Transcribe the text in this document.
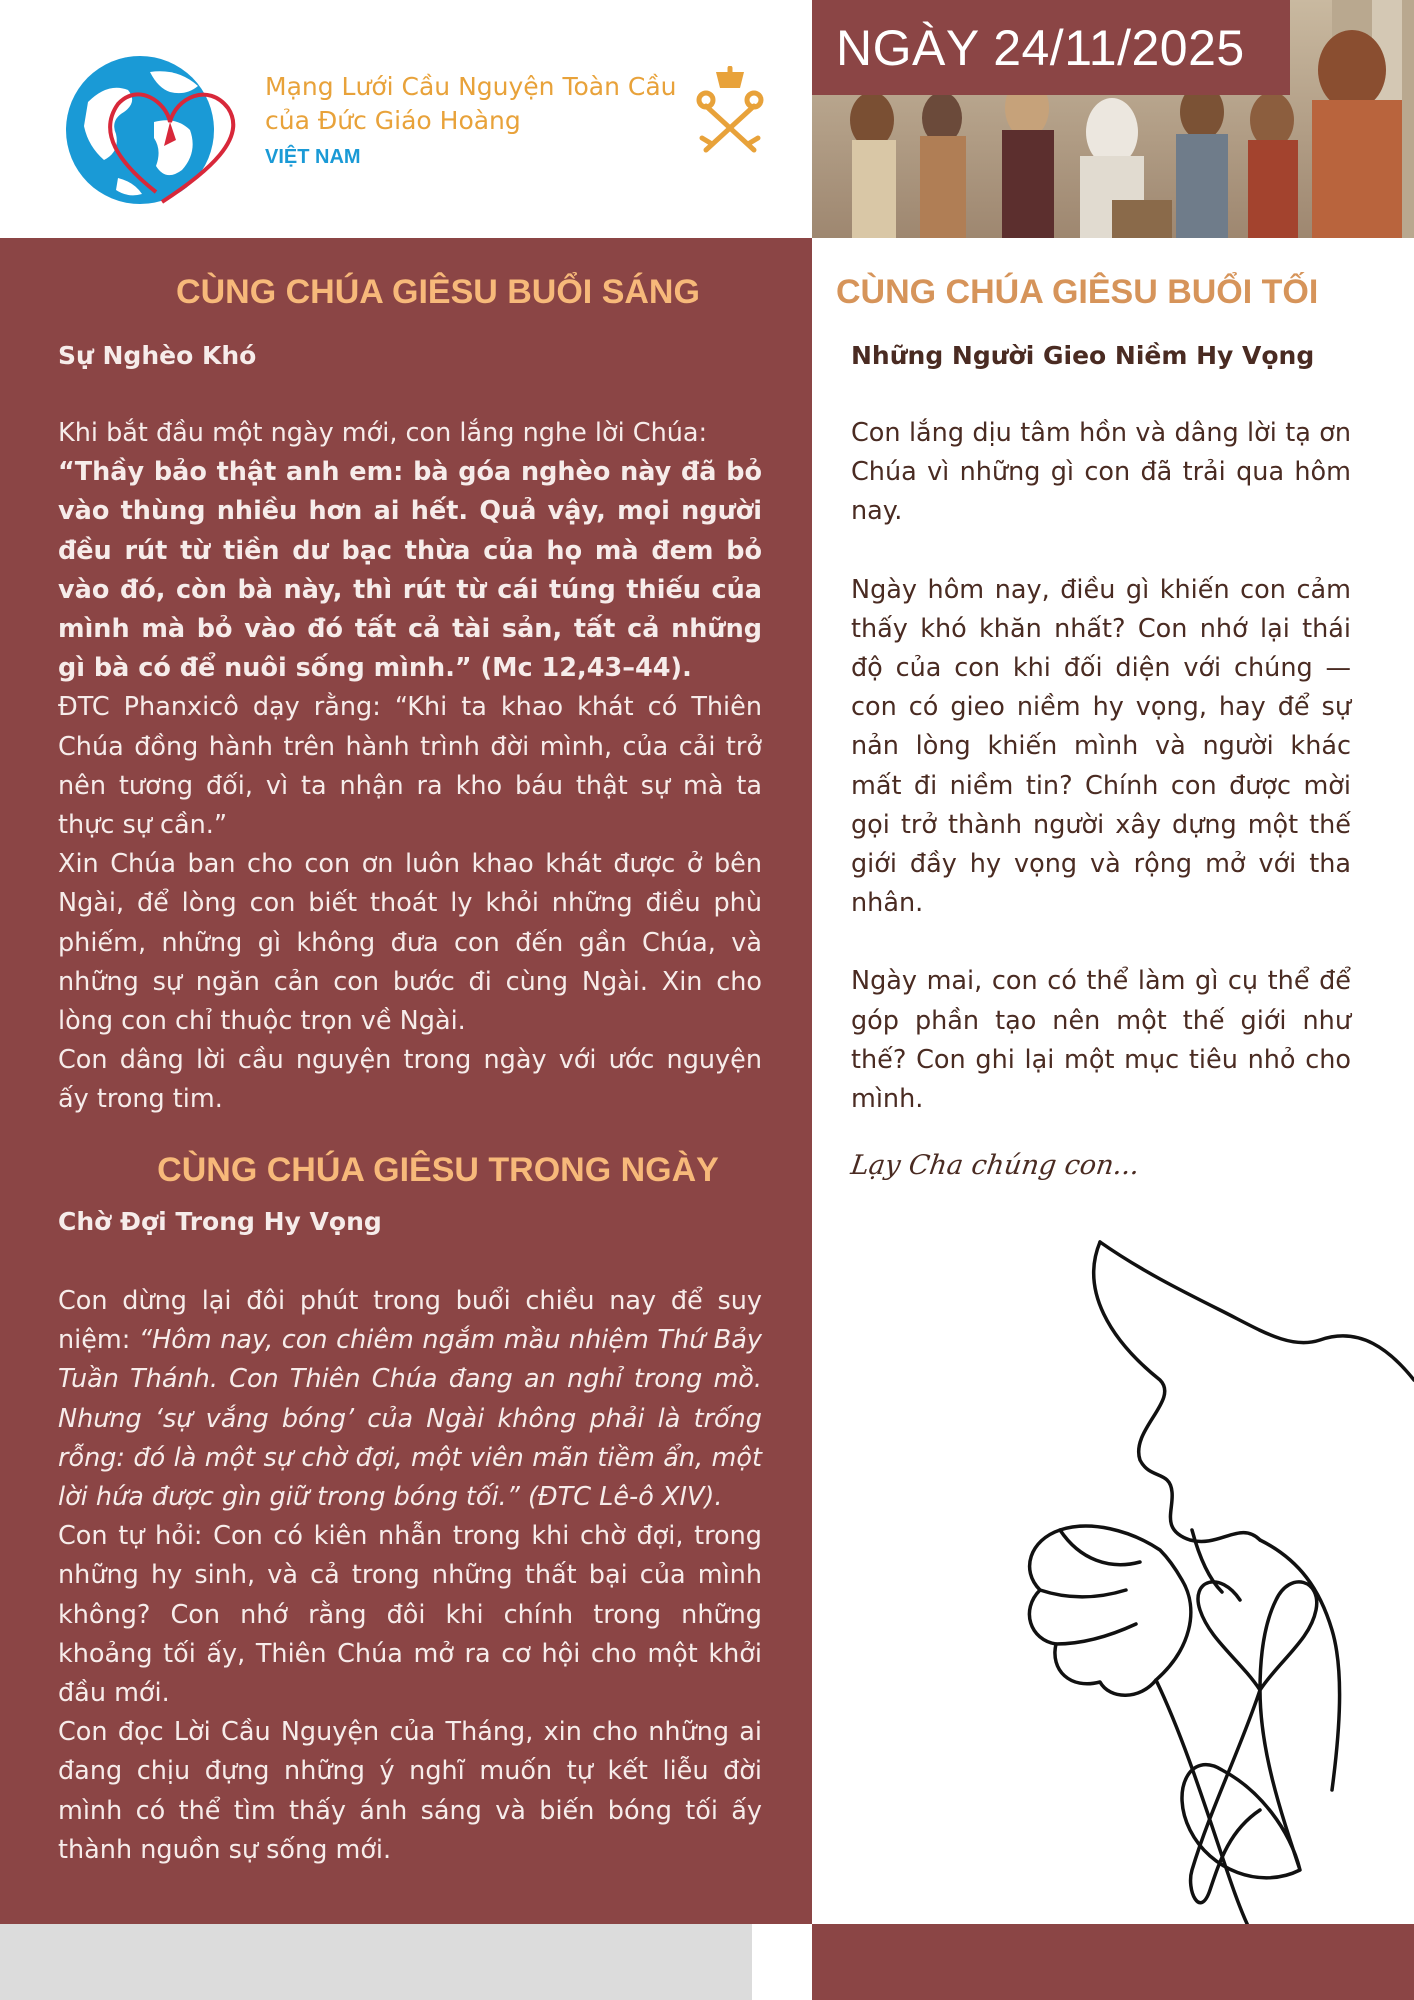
Mạng Lưới Cầu Nguyện Toàn Cầu
của Đức Giáo Hoàng
VIỆT NAM
NGÀY 24/11/2025
CÙNG CHÚA GIÊSU BUỔI SÁNG
Sự Nghèo Khó

Khi bắt đầu một ngày mới, con lắng nghe lời Chúa:
“Thầy bảo thật anh em: bà góa nghèo này đã bỏ vào thùng nhiều hơn ai hết. Quả vậy, mọi người đều rút từ tiền dư bạc thừa của họ mà đem bỏ vào đó, còn bà này, thì rút từ cái túng thiếu của mình mà bỏ vào đó tất cả tài sản, tất cả những gì bà có để nuôi sống mình.” (Mc 12,43–44).

ĐTC Phanxicô dạy rằng: “Khi ta khao khát có Thiên Chúa đồng hành trên hành trình đời mình, của cải trở nên tương đối, vì ta nhận ra kho báu thật sự mà ta thực sự cần.”

Xin Chúa ban cho con ơn luôn khao khát được ở bên Ngài, để lòng con biết thoát ly khỏi những điều phù phiếm, những gì không đưa con đến gần Chúa, và những sự ngăn cản con bước đi cùng Ngài. Xin cho lòng con chỉ thuộc trọn về Ngài.

Con dâng lời cầu nguyện trong ngày với ước nguyện ấy trong tim.

CÙNG CHÚA GIÊSU TRONG NGÀY
Chờ Đợi Trong Hy Vọng

Con dừng lại đôi phút trong buổi chiều nay để suy niệm: “Hôm nay, con chiêm ngắm mầu nhiệm Thứ Bảy Tuần Thánh. Con Thiên Chúa đang an nghỉ trong mồ. Nhưng ‘sự vắng bóng’ của Ngài không phải là trống rỗng: đó là một sự chờ đợi, một viên mãn tiềm ẩn, một lời hứa được gìn giữ trong bóng tối.” (ĐTC Lê-ô XIV).

Con tự hỏi: Con có kiên nhẫn trong khi chờ đợi, trong những hy sinh, và cả trong những thất bại của mình không? Con nhớ rằng đôi khi chính trong những khoảng tối ấy, Thiên Chúa mở ra cơ hội cho một khởi đầu mới.

Con đọc Lời Cầu Nguyện của Tháng, xin cho những ai đang chịu đựng những ý nghĩ muốn tự kết liễu đời mình có thể tìm thấy ánh sáng và biến bóng tối ấy thành nguồn sự sống mới.

CÙNG CHÚA GIÊSU BUỔI TỐI
Những Người Gieo Niềm Hy Vọng

Con lắng dịu tâm hồn và dâng lời tạ ơn Chúa vì những gì con đã trải qua hôm nay.

Ngày hôm nay, điều gì khiến con cảm thấy khó khăn nhất? Con nhớ lại thái độ của con khi đối diện với chúng — con có gieo niềm hy vọng, hay để sự nản lòng khiến mình và người khác mất đi niềm tin? Chính con được mời gọi trở thành người xây dựng một thế giới đầy hy vọng và rộng mở với tha nhân.

Ngày mai, con có thể làm gì cụ thể để góp phần tạo nên một thế giới như thế? Con ghi lại một mục tiêu nhỏ cho mình.

Lạy Cha chúng con...
